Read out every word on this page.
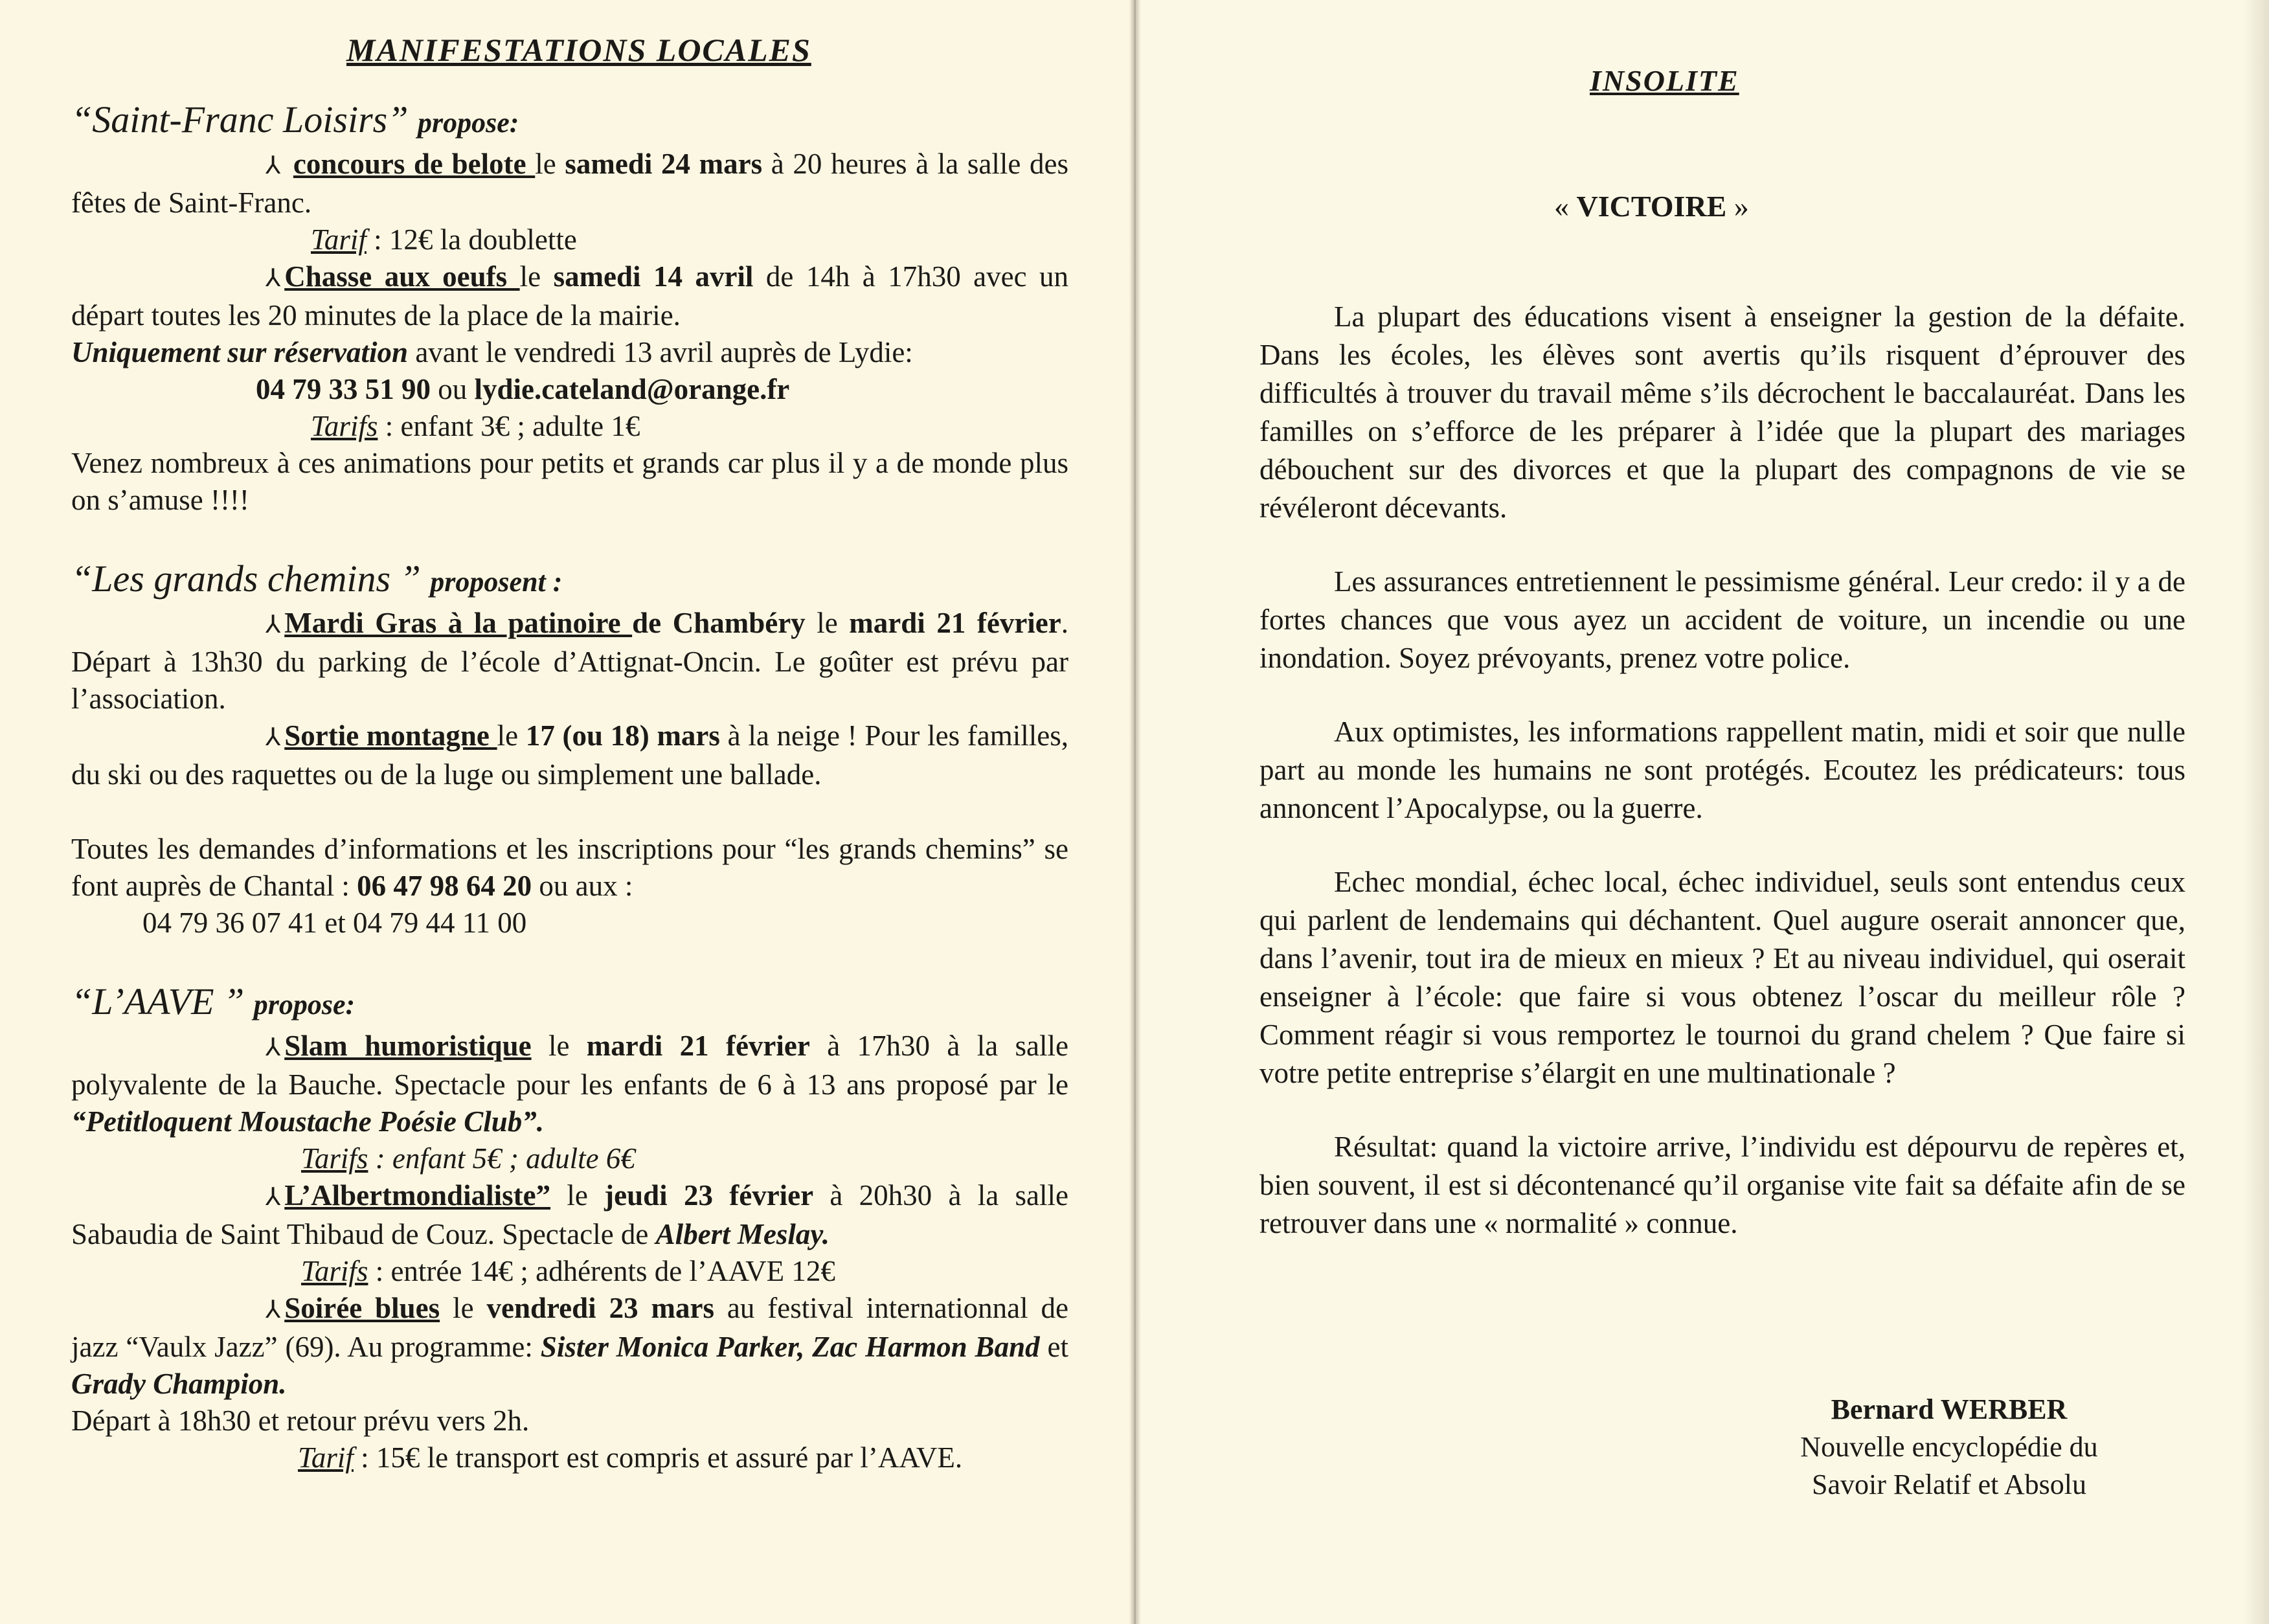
MANIFESTATIONS LOCALES

“Saint-Franc Loisirs” propose:

⅄ concours de belote le samedi 24 mars à 20 heures à la salle des fêtes de Saint-Franc.

Tarif : 12€ la doublette

⅄ Chasse aux oeufs le samedi 14 avril de 14h à 17h30 avec un départ toutes les 20 minutes de la place de la mairie.

Uniquement sur réservation avant le vendredi 13 avril auprès de Lydie:

04 79 33 51 90 ou lydie.cateland@orange.fr

Tarifs : enfant 3€ ; adulte 1€

Venez nombreux à ces animations pour petits et grands car plus il y a de monde plus on s’amuse !!!!

“Les grands chemins ” proposent :

⅄ Mardi Gras à la patinoire de Chambéry le mardi 21 février. Départ à 13h30 du parking de l’école d’Attignat-Oncin. Le goûter est prévu par l’association.

⅄ Sortie montagne le 17 (ou 18) mars à la neige ! Pour les familles, du ski ou des raquettes ou de la luge ou simplement une ballade.

Toutes les demandes d’informations et les inscriptions pour “les grands chemins” se font auprès de Chantal : 06 47 98 64 20 ou aux :

04 79 36 07 41 et 04 79 44 11 00

“L’AAVE ” propose:

⅄ Slam humoristique le mardi 21 février à 17h30 à la salle polyvalente de la Bauche. Spectacle pour les enfants de 6 à 13 ans proposé par le “Petitloquent Moustache Poésie Club”.

Tarifs : enfant 5€ ; adulte 6€

⅄ L’Albertmondialiste” le jeudi 23 février à 20h30 à la salle Sabaudia de Saint Thibaud de Couz. Spectacle de Albert Meslay.

Tarifs : entrée 14€ ; adhérents de l’AAVE 12€

⅄ Soirée blues le vendredi 23 mars au festival internationnal de jazz “Vaulx Jazz” (69). Au programme: Sister Monica Parker, Zac Harmon Band et Grady Champion.

Départ à 18h30 et retour prévu vers 2h.

Tarif : 15€ le transport est compris et assuré par l’AAVE.

INSOLITE
« VICTOIRE »

La plupart des éducations visent à enseigner la gestion de la défaite. Dans les écoles, les élèves sont avertis qu’ils risquent d’éprouver des difficultés à trouver du travail même s’ils décrochent le baccalauréat. Dans les familles on s’efforce de les préparer à l’idée que la plupart des mariages débouchent sur des divorces et que la plupart des compagnons de vie se révéleront décevants.

Les assurances entretiennent le pessimisme général. Leur credo: il y a de fortes chances que vous ayez un accident de voiture, un incendie ou une inondation. Soyez prévoyants, prenez votre police.

Aux optimistes, les informations rappellent matin, midi et soir que nulle part au monde les humains ne sont protégés. Ecoutez les prédicateurs: tous annoncent l’Apocalypse, ou la guerre.

Echec mondial, échec local, échec individuel, seuls sont entendus ceux qui parlent de lendemains qui déchantent. Quel augure oserait annoncer que, dans l’avenir, tout ira de mieux en mieux ? Et au niveau individuel, qui oserait enseigner à l’école: que faire si vous obtenez l’oscar du meilleur rôle ? Comment réagir si vous remportez le tournoi du grand chelem ? Que faire si votre petite entreprise s’élargit en une multinationale ?

Résultat: quand la victoire arrive, l’individu est dépourvu de repères et, bien souvent, il est si décontenancé qu’il organise vite fait sa défaite afin de se retrouver dans une « normalité » connue.

Bernard WERBER
Nouvelle encyclopédie du
Savoir Relatif et Absolu
